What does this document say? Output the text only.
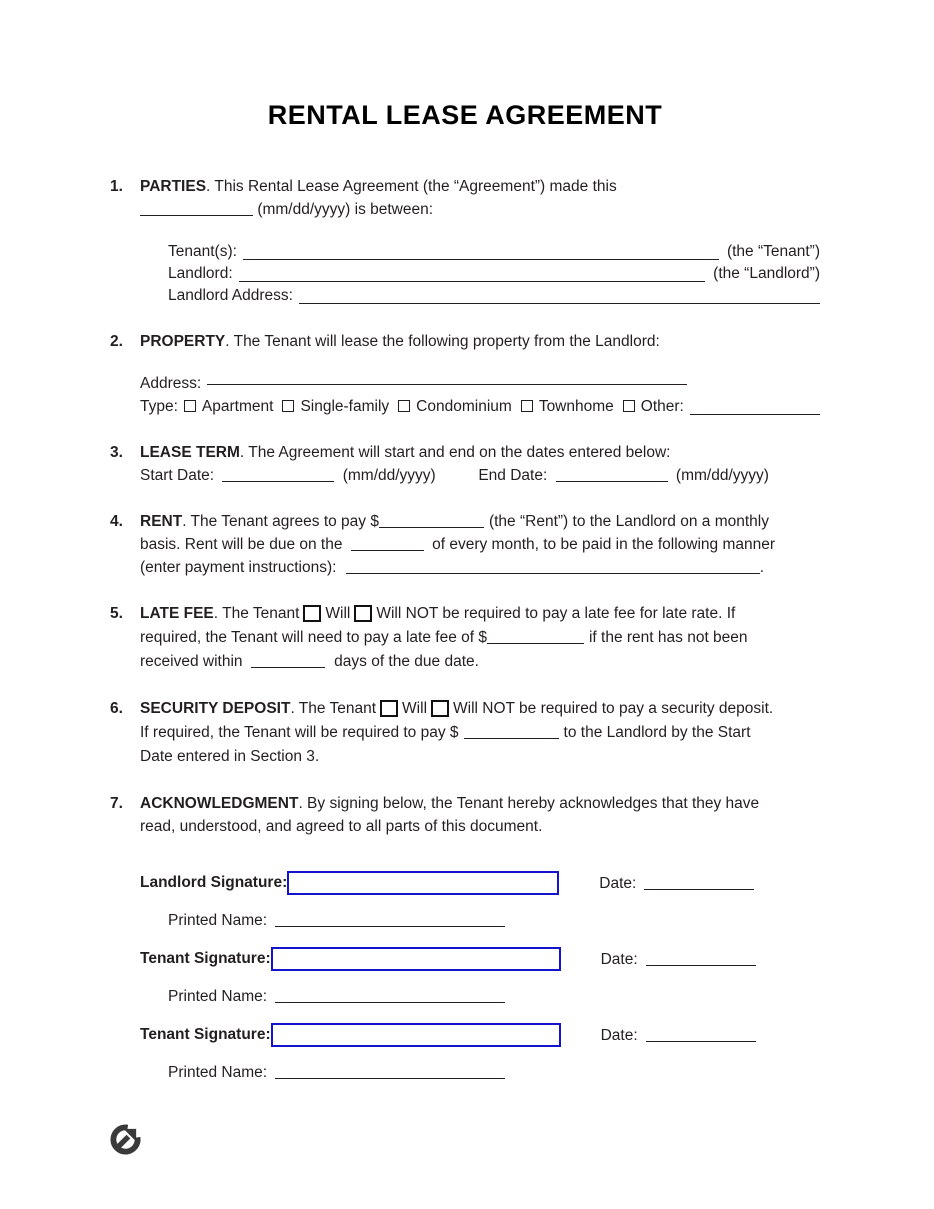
RENTAL LEASE AGREEMENT
1.	PARTIES. This Rental Lease Agreement (the “Agreement”) made this
(mm/dd/yyyy) is between:
Tenant(s):	(the “Tenant”)
Landlord:	(the “Landlord”)
Landlord Address:
2.	PROPERTY. The Tenant will lease the following property from the Landlord:
Address:
Type: Apartment Single-family Condominium Townhome Other:
3.	LEASE TERM. The Agreement will start and end on the dates entered below:
Start Date:	(mm/dd/yyyy)	End Date:	(mm/dd/yyyy)
4.	RENT. The Tenant agrees to pay $	(the “Rent”) to the Landlord on a monthly
basis. Rent will be due on the	of every month, to be paid in the following manner
(enter payment instructions):	.
5.	LATE FEE. The Tenant Will Will NOT be required to pay a late fee for late rate. If
required, the Tenant will need to pay a late fee of $	if the rent has not been
received within	days of the due date.
6.	SECURITY DEPOSIT. The Tenant Will Will NOT be required to pay a security deposit.
If required, the Tenant will be required to pay $	to the Landlord by the Start
Date entered in Section 3.
7.	ACKNOWLEDGMENT. By signing below, the Tenant hereby acknowledges that they have
read, understood, and agreed to all parts of this document.
Landlord Signature:	Date:
Printed Name:
Tenant Signature:	Date:
Printed Name:
Tenant Signature:	Date:
Printed Name:
